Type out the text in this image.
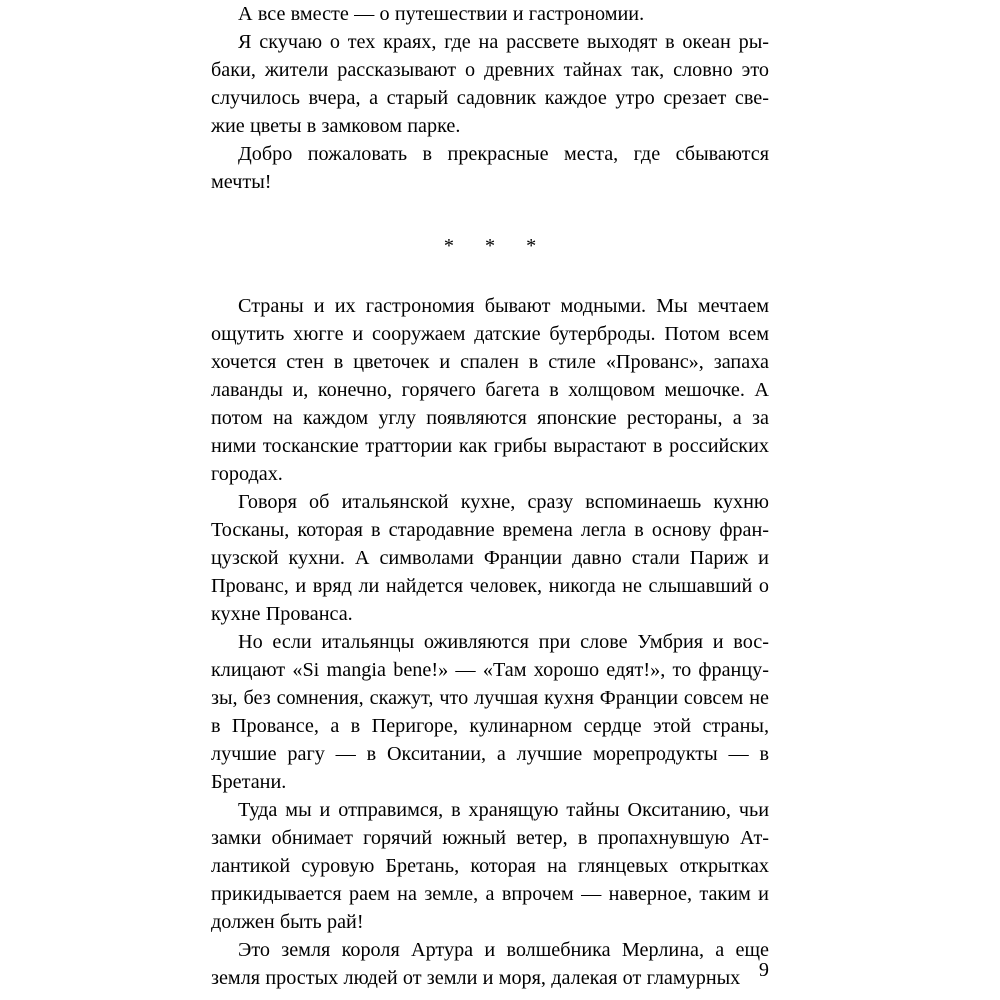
А все вместе — о путешествии и гастрономии.

Я скучаю о тех краях, где на рассвете выходят в океан рыбаки, жители рассказывают о древних тайнах так, словно это случилось вчера, а старый садовник каждое утро срезает свежие цветы в замковом парке.

Добро пожаловать в прекрасные места, где сбываются мечты!

* * *

Страны и их гастрономия бывают модными. Мы мечтаем ощутить хюгге и сооружаем датские бутерброды. Потом всем хочется стен в цветочек и спален в стиле «Прованс», запаха лаванды и, конечно, горячего багета в холщовом мешочке. А потом на каждом углу появляются японские рестораны, а за ними тосканские траттории как грибы вырастают в российских городах.

Говоря об итальянской кухне, сразу вспоминаешь кухню Тосканы, которая в стародавние времена легла в основу французской кухни. А символами Франции давно стали Париж и Прованс, и вряд ли найдется человек, никогда не слышавший о кухне Прованса.

Но если итальянцы оживляются при слове Умбрия и восклицают «Si mangia bene!» — «Там хорошо едят!», то французы, без сомнения, скажут, что лучшая кухня Франции совсем не в Провансе, а в Перигоре, кулинарном сердце этой страны, лучшие рагу — в Окситании, а лучшие морепродукты — в Бретани.

Туда мы и отправимся, в хранящую тайны Окситанию, чьи замки обнимает горячий южный ветер, в пропахнувшую Атлантикой суровую Бретань, которая на глянцевых открытках прикидывается раем на земле, а впрочем — наверное, таким и должен быть рай!

Это земля короля Артура и волшебника Мерлина, а еще земля простых людей от земли и моря, далекая от гламурных 9
